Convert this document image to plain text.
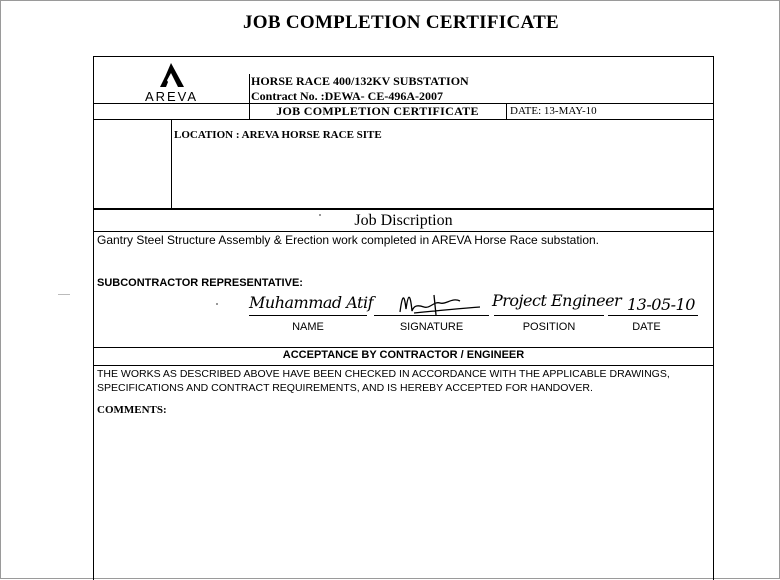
JOB COMPLETION CERTIFICATE
AREVA
HORSE RACE 400/132KV SUBSTATION
Contract No. :DEWA- CE-496A-2007
JOB COMPLETION CERTIFICATE	DATE: 13-MAY-10
LOCATION : AREVA HORSE RACE SITE
Job Discription
Gantry Steel Structure Assembly & Erection work completed in AREVA Horse Race substation.
SUBCONTRACTOR REPRESENTATIVE:
Muhammad Atif	Project Engineer 13-05-10
NAME	SIGNATURE	POSITION	DATE
ACCEPTANCE BY CONTRACTOR / ENGINEER
THE WORKS AS DESCRIBED ABOVE HAVE BEEN CHECKED IN ACCORDANCE WITH THE APPLICABLE DRAWINGS, SPECIFICATIONS AND CONTRACT REQUIREMENTS, AND IS HEREBY ACCEPTED FOR HANDOVER.
COMMENTS:
